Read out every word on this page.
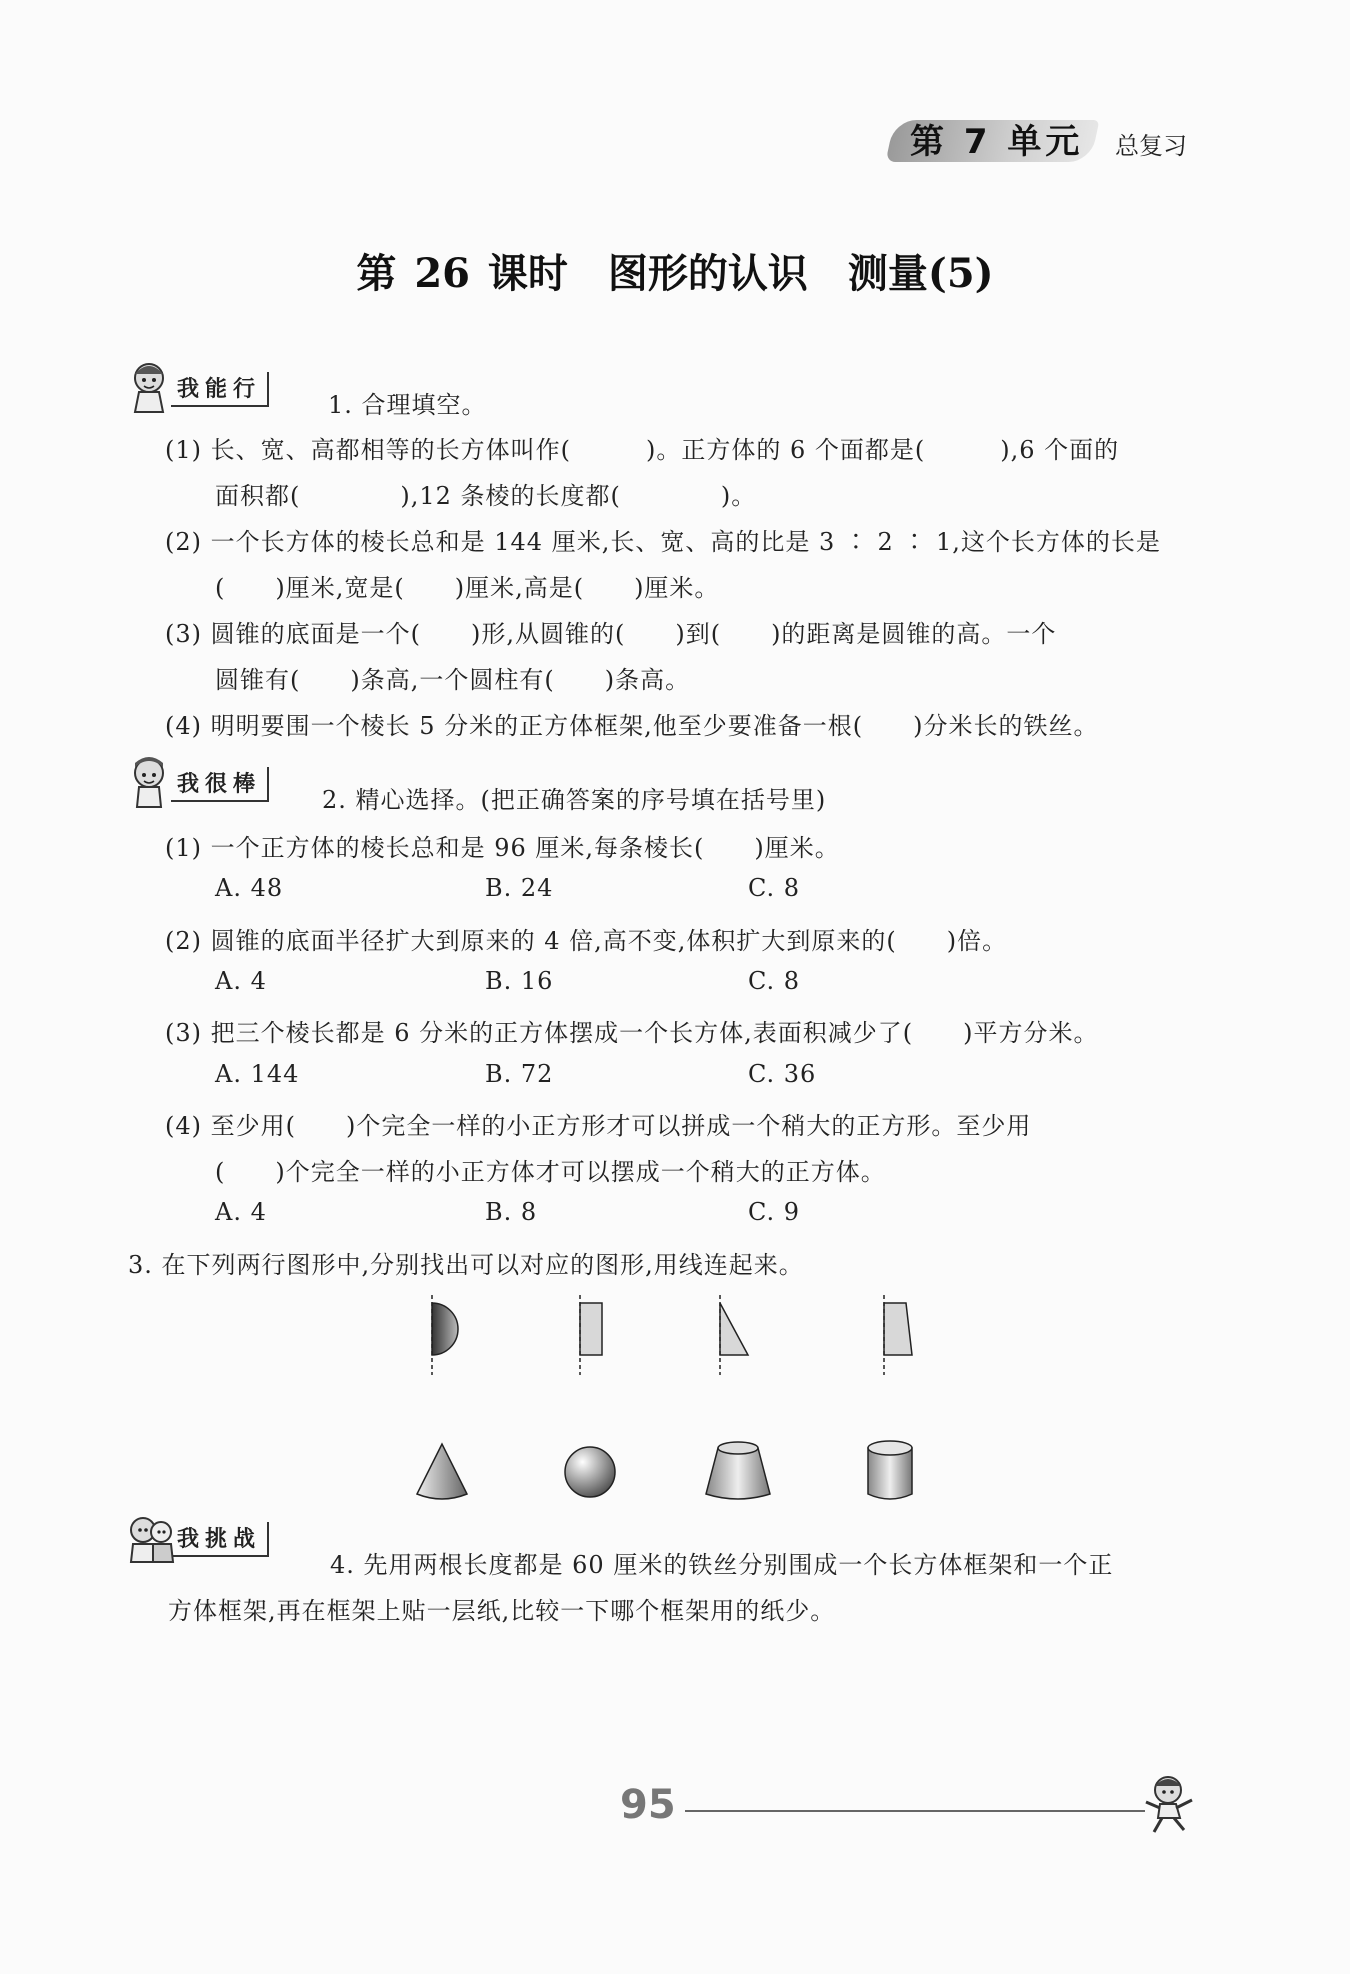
第 7 单元 总复习
第 26 课时　图形的认识　测量(5)
我能行
1. 合理填空。
(1) 长、宽、高都相等的长方体叫作(　　　)。正方体的 6 个面都是(　　　),6 个面的
面积都(　　　　),12 条棱的长度都(　　　　)。
(2) 一个长方体的棱长总和是 144 厘米,长、宽、高的比是 3 ∶ 2 ∶ 1,这个长方体的长是
(　　)厘米,宽是(　　)厘米,高是(　　)厘米。
(3) 圆锥的底面是一个(　　)形,从圆锥的(　　)到(　　)的距离是圆锥的高。一个
圆锥有(　　)条高,一个圆柱有(　　)条高。
(4) 明明要围一个棱长 5 分米的正方体框架,他至少要准备一根(　　)分米长的铁丝。
我很棒
2. 精心选择。(把正确答案的序号填在括号里)
(1) 一个正方体的棱长总和是 96 厘米,每条棱长(　　)厘米。
A. 48	B. 24	C. 8
(2) 圆锥的底面半径扩大到原来的 4 倍,高不变,体积扩大到原来的(　　)倍。
A. 4	B. 16	C. 8
(3) 把三个棱长都是 6 分米的正方体摆成一个长方体,表面积减少了(　　)平方分米。
A. 144	B. 72	C. 36
(4) 至少用(　　)个完全一样的小正方形才可以拼成一个稍大的正方形。至少用
(　　)个完全一样的小正方体才可以摆成一个稍大的正方体。
A. 4	B. 8	C. 9
3. 在下列两行图形中,分别找出可以对应的图形,用线连起来。
我挑战
4. 先用两根长度都是 60 厘米的铁丝分别围成一个长方体框架和一个正
方体框架,再在框架上贴一层纸,比较一下哪个框架用的纸少。
95
